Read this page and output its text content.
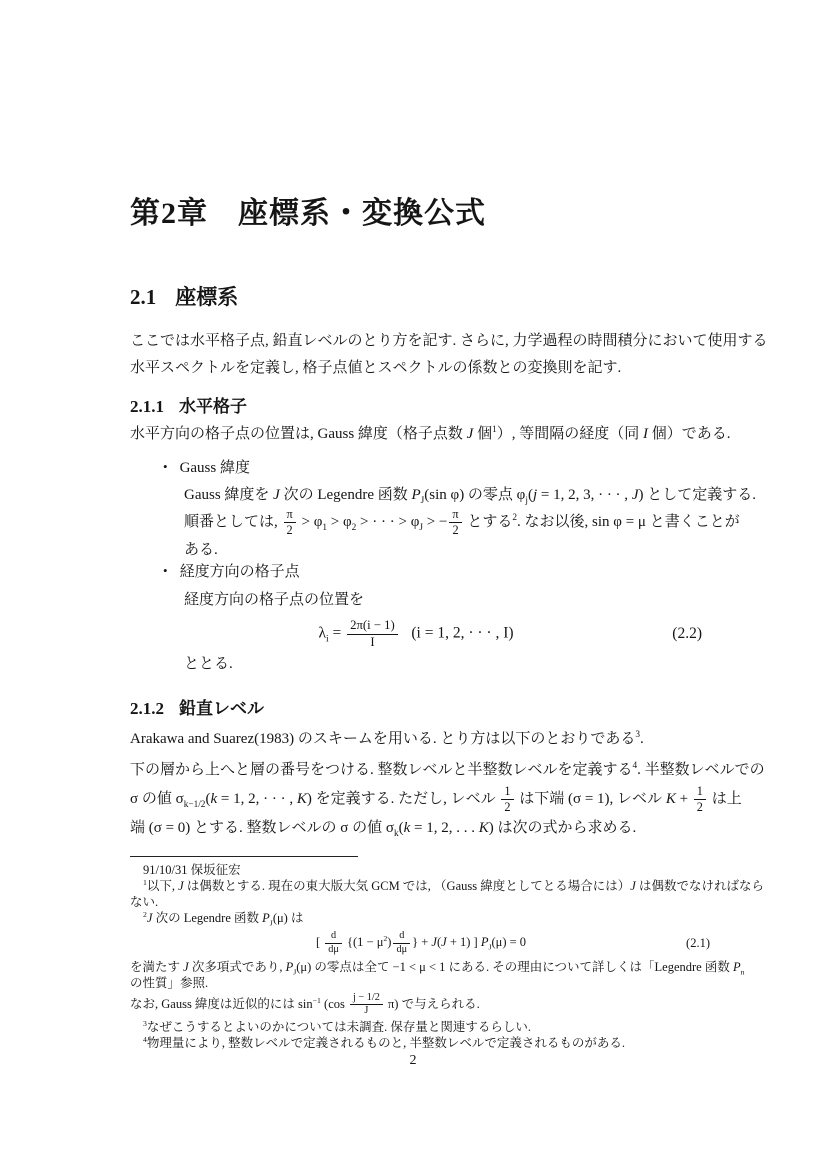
第2章 座標系・変換公式
2.1 座標系
ここでは水平格子点, 鉛直レベルのとり方を記す. さらに, 力学過程の時間積分において使用する
水平スペクトルを定義し, 格子点値とスペクトルの係数との変換則を記す.
2.1.1 水平格子
水平方向の格子点の位置は, Gauss 緯度（格子点数 J 個$^1$）, 等間隔の経度（同 I 個）である.
• Gauss 緯度
Gauss 緯度を J 次の Legendre 函数 $P_J(\sin$ φ) の零点 $\varphi_j(j = 1$, 2, 3, · · · , J) として定義する.
順番としては, $\frac{\pi}{2} > \varphi_1 > \varphi_2$ > · · · > $\varphi_J$ > − $\frac{\pi}{2}$ とする$^2$. なお以後, sin φ = μ と書くことが
ある.
• 経度方向の格子点
経度方向の格子点の位置を
$\lambda_i = \frac{2\pi(i - 1)}{I} (i = 1$, 2, · · · , I)	(2.2)
ととる.
2.1.2 鉛直レベル
Arakawa and Suarez(1983) のスキームを用いる. とり方は以下のとおりである$^3$.
下の層から上へと層の番号をつける. 整数レベルと半整数レベルを定義する$^4$. 半整数レベルでの
σ の値 $\sigma_{k-1/2}(k = 1$, 2, · · · , K) を定義する. ただし, レベル $\frac{1}{2}$ は下端 (σ = 1), レベル $K + \frac{1}{2}$ は上
端 (σ = 0) とする. 整数レベルの σ の値 $\sigma_k(k = 1$, 2, . . . K) は次の式から求める.
91/10/31 保坂征宏
$^1$以下, J は偶数とする. 現在の東大版大気 GCM では, （Gauss 緯度としてとる場合には）J は偶数でなければなら
ない.
$^2$J 次の Legendre 函数 $P_J(\mu)$ は
[ $\frac{d}{d\mu} \{(1 - \mu^2) \frac{d}{d\mu}$ } + J(J + 1) ] $P_J(\mu) = 0$	(2.1)
を満たす J 次多項式であり, $P_J(\mu)$ の零点は全て −1 < μ < 1 にある. その理由について詳しくは「Legendre 函数 $P_n$
の性質」参照.
なお, Gauss 緯度は近似的には $\sin^{-1} (\cos \frac{j - 1/2}{J} \pi)$ で与えられる.
$^3$なぜこうするとよいのかについては未調査. 保存量と関連するらしい.
$^4$物理量により, 整数レベルで定義されるものと, 半整数レベルで定義されるものがある.
2
